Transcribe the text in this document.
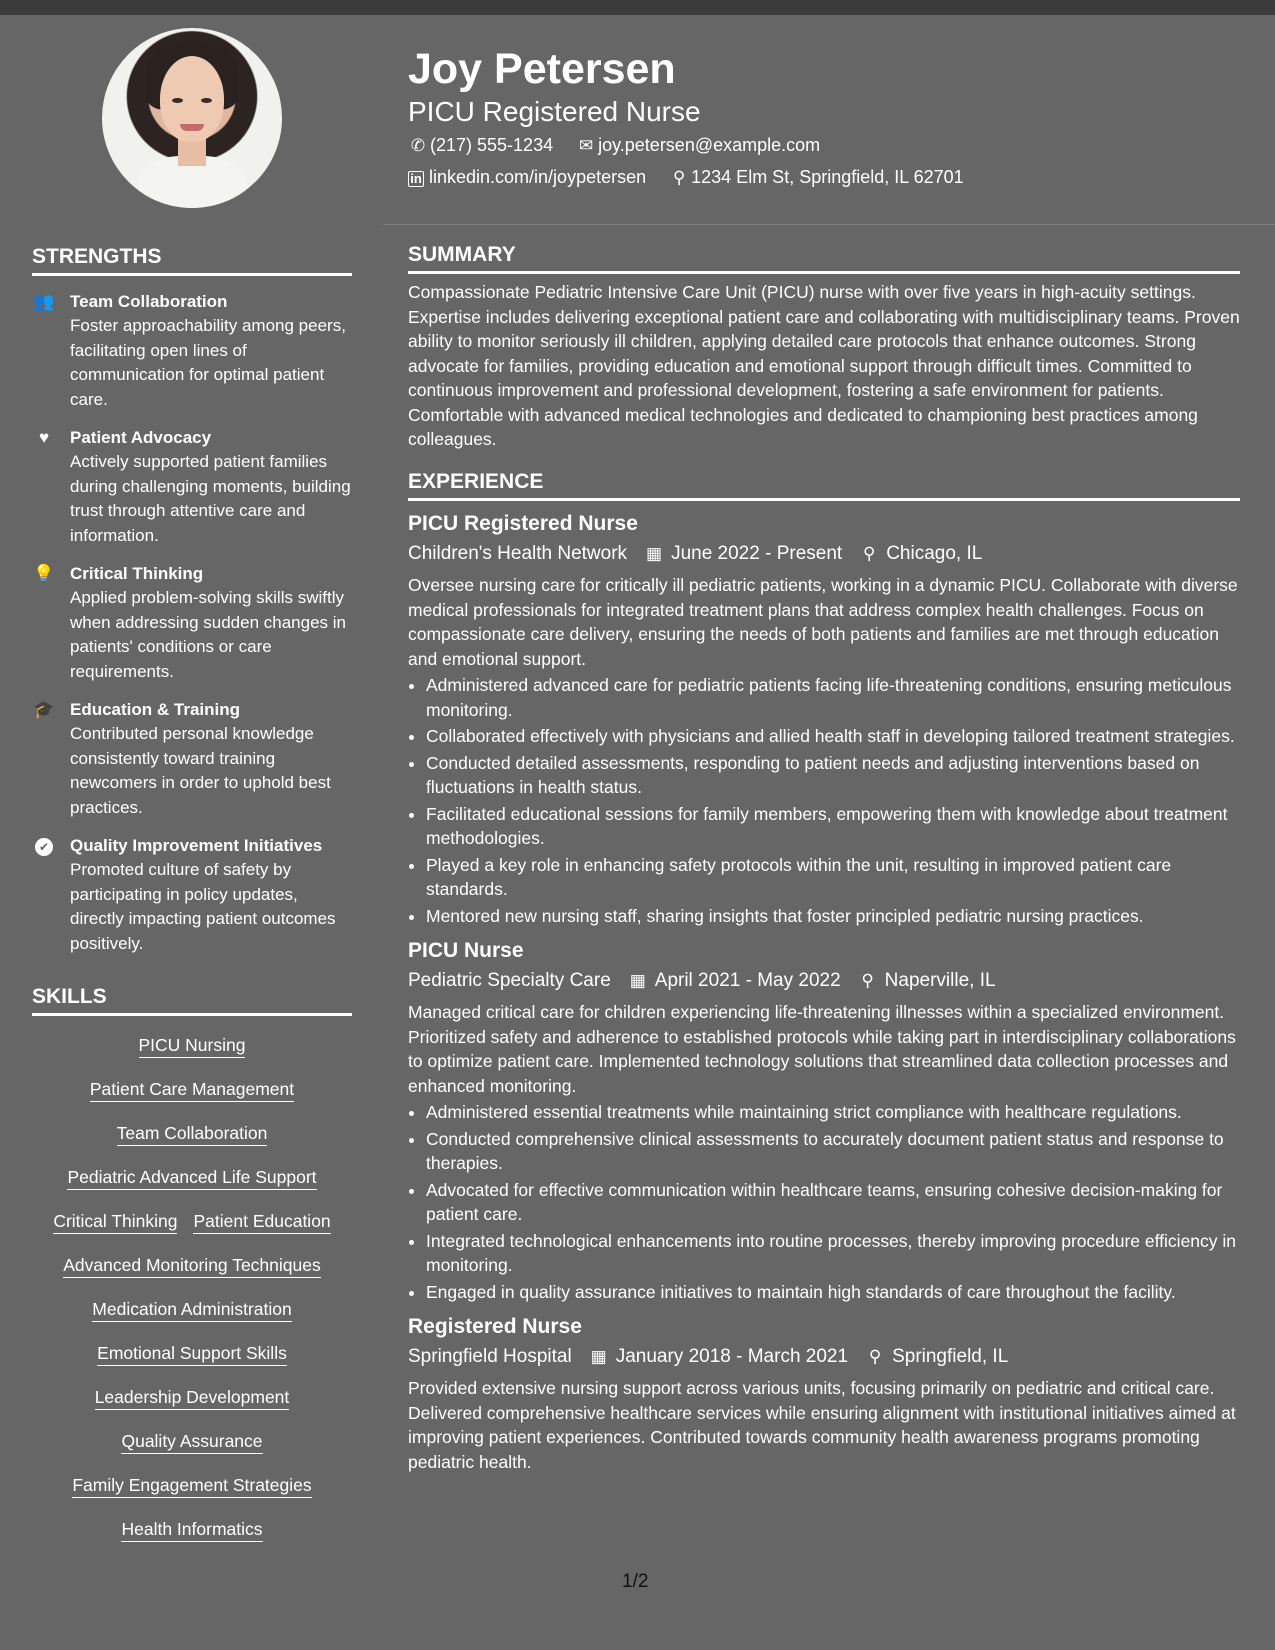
STRENGTHS
👥 Team Collaboration
Foster approachability among peers, facilitating open lines of communication for optimal patient care.
♥	Patient Advocacy
Actively supported patient families during challenging moments, building trust through attentive care and information.
💡 Critical Thinking
Applied problem-solving skills swiftly when addressing sudden changes in patients' conditions or care requirements.
🎓 Education & Training
Contributed personal knowledge consistently toward training newcomers in order to uphold best practices.
✔ Quality Improvement Initiatives
Promoted culture of safety by participating in policy updates, directly impacting patient outcomes positively.
SKILLS
PICU Nursing
Patient Care Management
Team Collaboration
Pediatric Advanced Life Support
Critical Thinking Patient Education
Advanced Monitoring Techniques
Medication Administration
Emotional Support Skills
Leadership Development
Quality Assurance
Family Engagement Strategies
Health Informatics

Joy Petersen
PICU Registered Nurse
✆ (217) 555-1234 ✉ joy.petersen@example.com
in linkedin.com/in/joypetersen ⚲ 1234 Elm St, Springfield, IL 62701
SUMMARY

Compassionate Pediatric Intensive Care Unit (PICU) nurse with over five years in high-acuity settings. Expertise includes delivering exceptional patient care and collaborating with multidisciplinary teams. Proven ability to monitor seriously ill children, applying detailed care protocols that enhance outcomes. Strong advocate for families, providing education and emotional support through difficult times. Committed to continuous improvement and professional development, fostering a safe environment for patients. Comfortable with advanced medical technologies and dedicated to championing best practices among colleagues.

EXPERIENCE
PICU Registered Nurse
Children's Health Network ▦ June 2022 - Present ⚲ Chicago, IL

Oversee nursing care for critically ill pediatric patients, working in a dynamic PICU. Collaborate with diverse medical professionals for integrated treatment plans that address complex health challenges. Focus on compassionate care delivery, ensuring the needs of both patients and families are met through education and emotional support.

• Administered advanced care for pediatric patients facing life-threatening conditions, ensuring meticulous monitoring.
• Collaborated effectively with physicians and allied health staff in developing tailored treatment strategies.
• Conducted detailed assessments, responding to patient needs and adjusting interventions based on fluctuations in health status.
• Facilitated educational sessions for family members, empowering them with knowledge about treatment methodologies.
• Played a key role in enhancing safety protocols within the unit, resulting in improved patient care standards.
• Mentored new nursing staff, sharing insights that foster principled pediatric nursing practices.
PICU Nurse
Pediatric Specialty Care ▦ April 2021 - May 2022 ⚲ Naperville, IL

Managed critical care for children experiencing life-threatening illnesses within a specialized environment. Prioritized safety and adherence to established protocols while taking part in interdisciplinary collaborations to optimize patient care. Implemented technology solutions that streamlined data collection processes and enhanced monitoring.

• Administered essential treatments while maintaining strict compliance with healthcare regulations.
• Conducted comprehensive clinical assessments to accurately document patient status and response to therapies.
• Advocated for effective communication within healthcare teams, ensuring cohesive decision-making for patient care.
• Integrated technological enhancements into routine processes, thereby improving procedure efficiency in monitoring.
• Engaged in quality assurance initiatives to maintain high standards of care throughout the facility.
Registered Nurse
Springfield Hospital ▦ January 2018 - March 2021 ⚲ Springfield, IL

Provided extensive nursing support across various units, focusing primarily on pediatric and critical care. Delivered comprehensive healthcare services while ensuring alignment with institutional initiatives aimed at improving patient experiences. Contributed towards community health awareness programs promoting pediatric health.

1/2
